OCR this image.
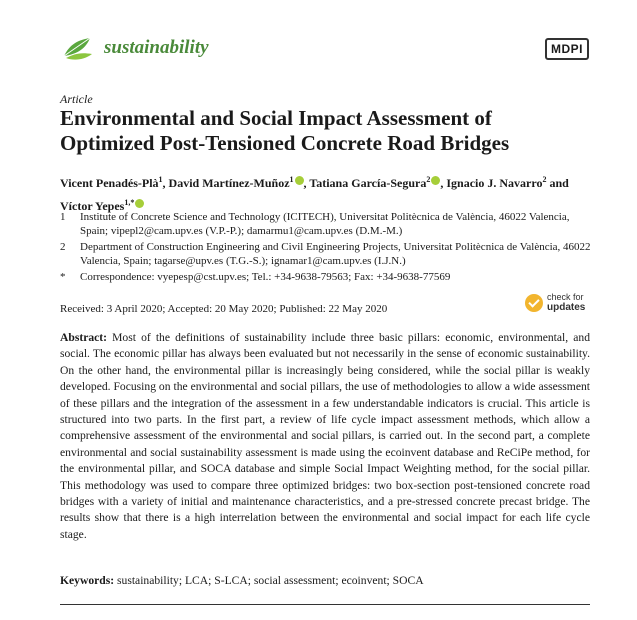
sustainability	MDPI
Article
Environmental and Social Impact Assessment of Optimized Post-Tensioned Concrete Road Bridges
Vicent Penadés-Plà$^1$, David Martínez-Muñoz$^1$ , Tatiana García-Segura$^2$ , Ignacio J. Navarro$^2$ and Víctor Yepes$^{1,*}$
1	Institute of Concrete Science and Technology (ICITECH), Universitat Politècnica de València, 46022 Valencia, Spain; vipepl2@cam.upv.es (V.P.-P.); damarmu1@cam.upv.es (D.M.-M.)
2	Department of Construction Engineering and Civil Engineering Projects, Universitat Politècnica de València, 46022 Valencia, Spain; tagarse@upv.es (T.G.-S.); ignamar1@cam.upv.es (I.J.N.)
*	Correspondence: vyepesp@cst.upv.es; Tel.: +34-9638-79563; Fax: +34-9638-77569
Received: 3 April 2020; Accepted: 20 May 2020; Published: 22 May 2020
check for
updates
Abstract: Most of the definitions of sustainability include three basic pillars: economic, environmental, and social. The economic pillar has always been evaluated but not necessarily in the sense of economic sustainability. On the other hand, the environmental pillar is increasingly being considered, while the social pillar is weakly developed. Focusing on the environmental and social pillars, the use of methodologies to allow a wide assessment of these pillars and the integration of the assessment in a few understandable indicators is crucial. This article is structured into two parts. In the first part, a review of life cycle impact assessment methods, which allow a comprehensive assessment of the environmental and social pillars, is carried out. In the second part, a complete environmental and social sustainability assessment is made using the ecoinvent database and ReCiPe method, for the environmental pillar, and SOCA database and simple Social Impact Weighting method, for the social pillar. This methodology was used to compare three optimized bridges: two box-section post-tensioned concrete road bridges with a variety of initial and maintenance characteristics, and a pre-stressed concrete precast bridge. The results show that there is a high interrelation between the environmental and social impact for each life cycle stage.
Keywords: sustainability; LCA; S-LCA; social assessment; ecoinvent; SOCA
